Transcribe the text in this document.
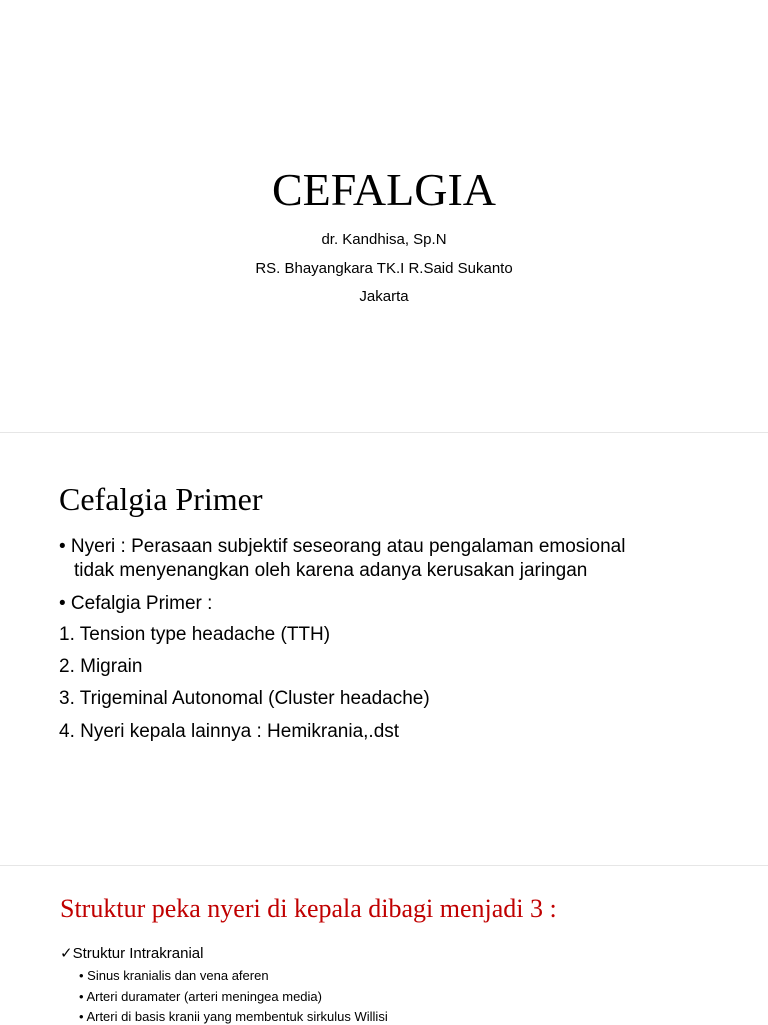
CEFALGIA

dr. Kandhisa, Sp.N

RS. Bhayangkara TK.I R.Said Sukanto

Jakarta

Cefalgia Primer

• Nyeri : Perasaan subjektif seseorang atau pengalaman emosional

tidak menyenangkan oleh karena adanya kerusakan jaringan

• Cefalgia Primer :

1. Tension type headache (TTH)

2. Migrain

3. Trigeminal Autonomal (Cluster headache)

4. Nyeri kepala lainnya : Hemikrania,.dst

Struktur peka nyeri di kepala dibagi menjadi 3 :

✓Struktur Intrakranial

• Sinus kranialis dan vena aferen

• Arteri duramater (arteri meningea media)

• Arteri di basis kranii yang membentuk sirkulus Willisi
